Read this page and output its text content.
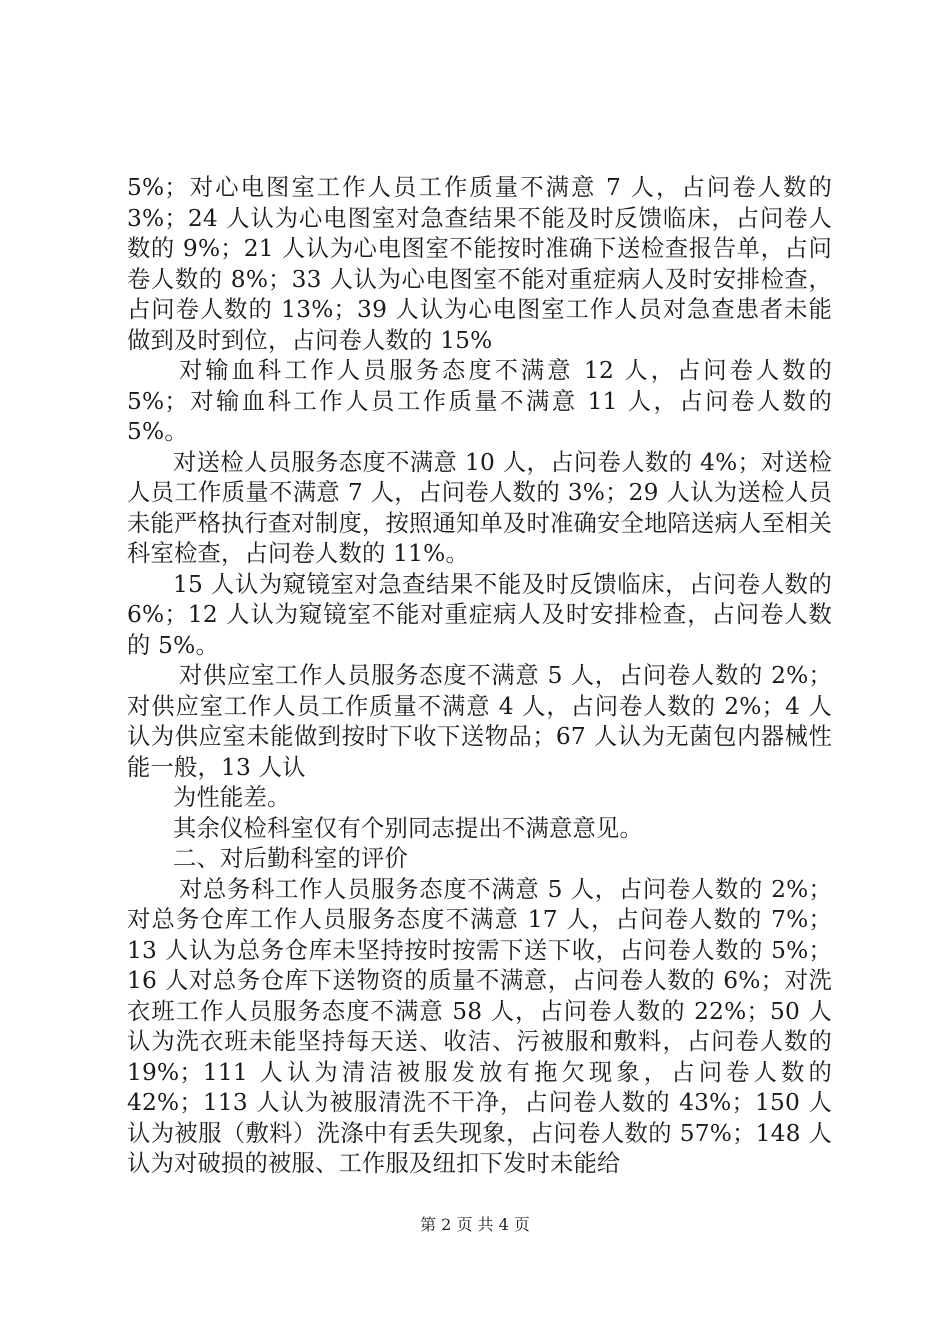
5%；对心电图室工作人员工作质量不满意 7 人，占问卷人数的 3%；24 人认为心电图室对急查结果不能及时反馈临床，占问卷人数的 9%；21 人认为心电图室不能按时准确下送检查报告单，占问卷人数的 8%；33 人认为心电图室不能对重症病人及时安排检查，占问卷人数的 13%；39 人认为心电图室工作人员对急查患者未能做到及时到位，占问卷人数的 15%

对输血科工作人员服务态度不满意 12 人，占问卷人数的 5%；对输血科工作人员工作质量不满意 11 人，占问卷人数的 5%。

对送检人员服务态度不满意 10 人，占问卷人数的 4%；对送检人员工作质量不满意 7 人，占问卷人数的 3%；29 人认为送检人员未能严格执行查对制度，按照通知单及时准确安全地陪送病人至相关科室检查，占问卷人数的 11%。

15 人认为窥镜室对急查结果不能及时反馈临床，占问卷人数的 6%；12 人认为窥镜室不能对重症病人及时安排检查，占问卷人数的 5%。

对供应室工作人员服务态度不满意 5 人，占问卷人数的 2%；对供应室工作人员工作质量不满意 4 人，占问卷人数的 2%；4 人认为供应室未能做到按时下收下送物品；67 人认为无菌包内器械性能一般，13 人认

为性能差。

其余仪检科室仅有个别同志提出不满意意见。

二、对后勤科室的评价

对总务科工作人员服务态度不满意 5 人，占问卷人数的 2%；对总务仓库工作人员服务态度不满意 17 人，占问卷人数的 7%；13 人认为总务仓库未坚持按时按需下送下收，占问卷人数的 5%；16 人对总务仓库下送物资的质量不满意，占问卷人数的 6%；对洗衣班工作人员服务态度不满意 58 人，占问卷人数的 22%；50 人认为洗衣班未能坚持每天送、收洁、污被服和敷料，占问卷人数的 19%；111 人认为清洁被服发放有拖欠现象，占问卷人数的 42%；113 人认为被服清洗不干净，占问卷人数的 43%；150 人认为被服（敷料）洗涤中有丢失现象，占问卷人数的 57%；148 人认为对破损的被服、工作服及纽扣下发时未能给

第 2 页 共 4 页
